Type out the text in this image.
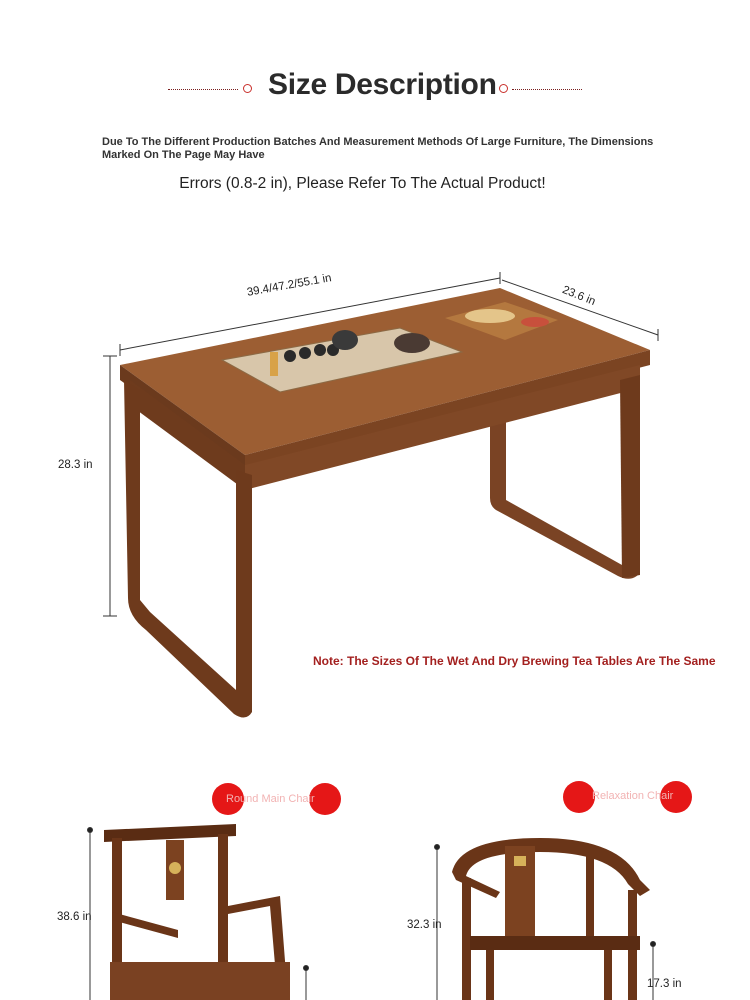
Size Description
Due To The Different Production Batches And Measurement Methods Of Large Furniture, The Dimensions Marked On The Page May Have
Errors (0.8-2 in), Please Refer To The Actual Product!
39.4/47.2/55.1 in	23.6 in
28.3 in
Note: The Sizes Of The Wet And Dry Brewing Tea Tables Are The Same
Round Main Chair	Relaxation Chair
38.6 in
32.3 in
17.3 in
